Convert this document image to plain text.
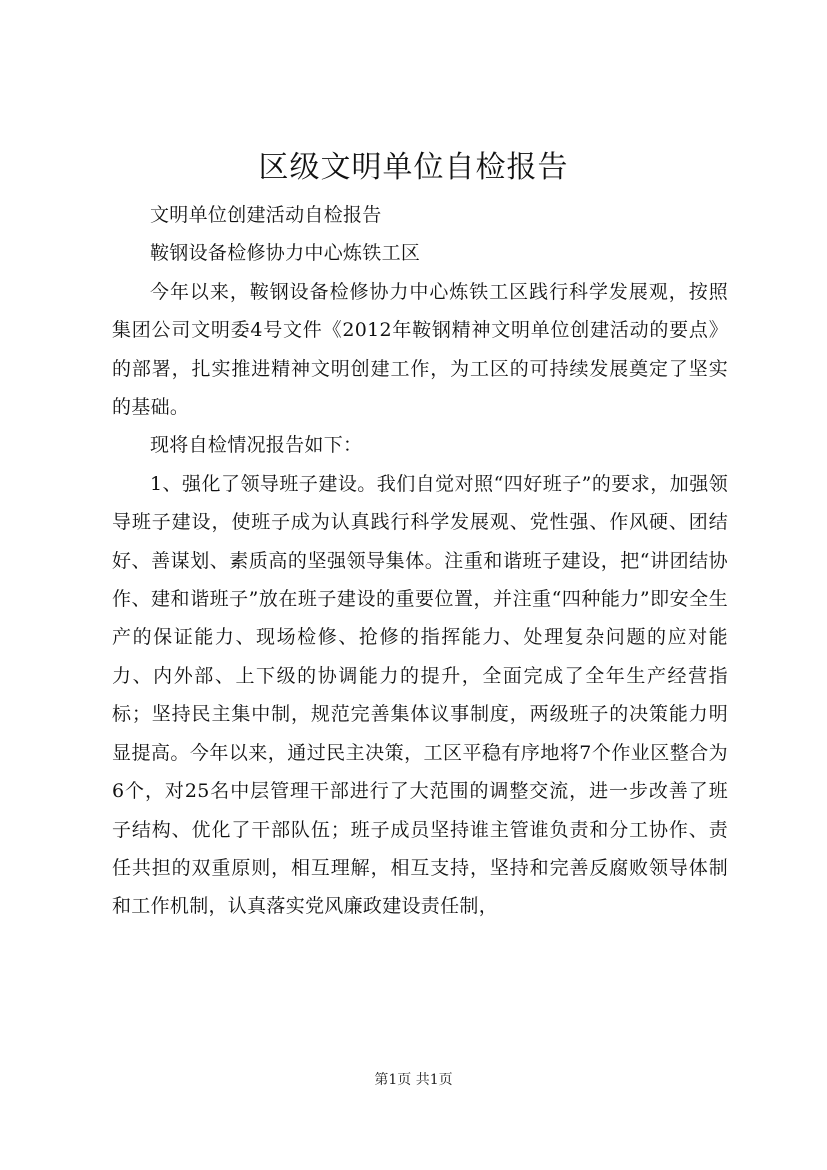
区级文明单位自检报告

文明单位创建活动自检报告

鞍钢设备检修协力中心炼铁工区

今年以来，鞍钢设备检修协力中心炼铁工区践行科学发展观，按照集团公司文明委4号文件《2012年鞍钢精神文明单位创建活动的要点》的部署，扎实推进精神文明创建工作，为工区的可持续发展奠定了坚实的基础。

现将自检情况报告如下：

1、强化了领导班子建设。我们自觉对照“四好班子”的要求，加强领导班子建设，使班子成为认真践行科学发展观、党性强、作风硬、团结好、善谋划、素质高的坚强领导集体。注重和谐班子建设，把“讲团结协作、建和谐班子”放在班子建设的重要位置，并注重“四种能力”即安全生产的保证能力、现场检修、抢修的指挥能力、处理复杂问题的应对能力、内外部、上下级的协调能力的提升，全面完成了全年生产经营指标；坚持民主集中制，规范完善集体议事制度，两级班子的决策能力明显提高。今年以来，通过民主决策，工区平稳有序地将7个作业区整合为6个，对25名中层管理干部进行了大范围的调整交流，进一步改善了班子结构、优化了干部队伍；班子成员坚持谁主管谁负责和分工协作、责任共担的双重原则，相互理解，相互支持，坚持和完善反腐败领导体制和工作机制，认真落实党风廉政建设责任制，

第1页 共1页
